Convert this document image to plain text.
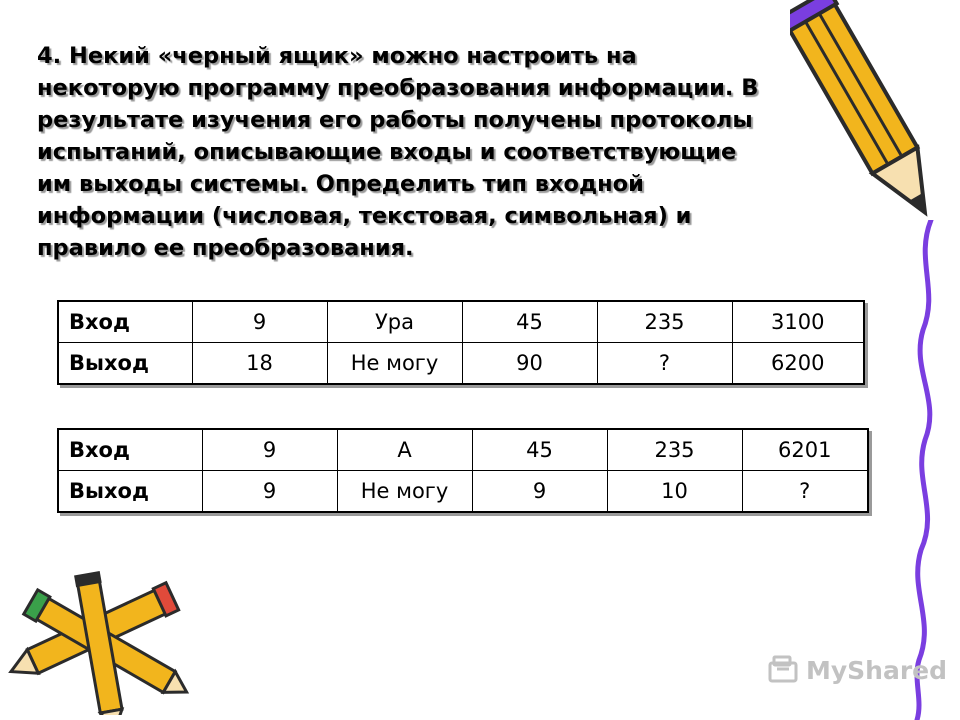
4. Некий «черный ящик» можно настроить на
некоторую программу преобразования информации. В
результате изучения его работы получены протоколы
испытаний, описывающие входы и соответствующие
им выходы системы. Определить тип входной
информации (числовая, текстовая, символьная) и
правило ее преобразования.
Вход	9	Ура	45	235	3100
Выход	18	Не могу	90	?	6200
Вход	9	А	45	235	6201
Выход	9	Не могу	9	10	?
MyShared
